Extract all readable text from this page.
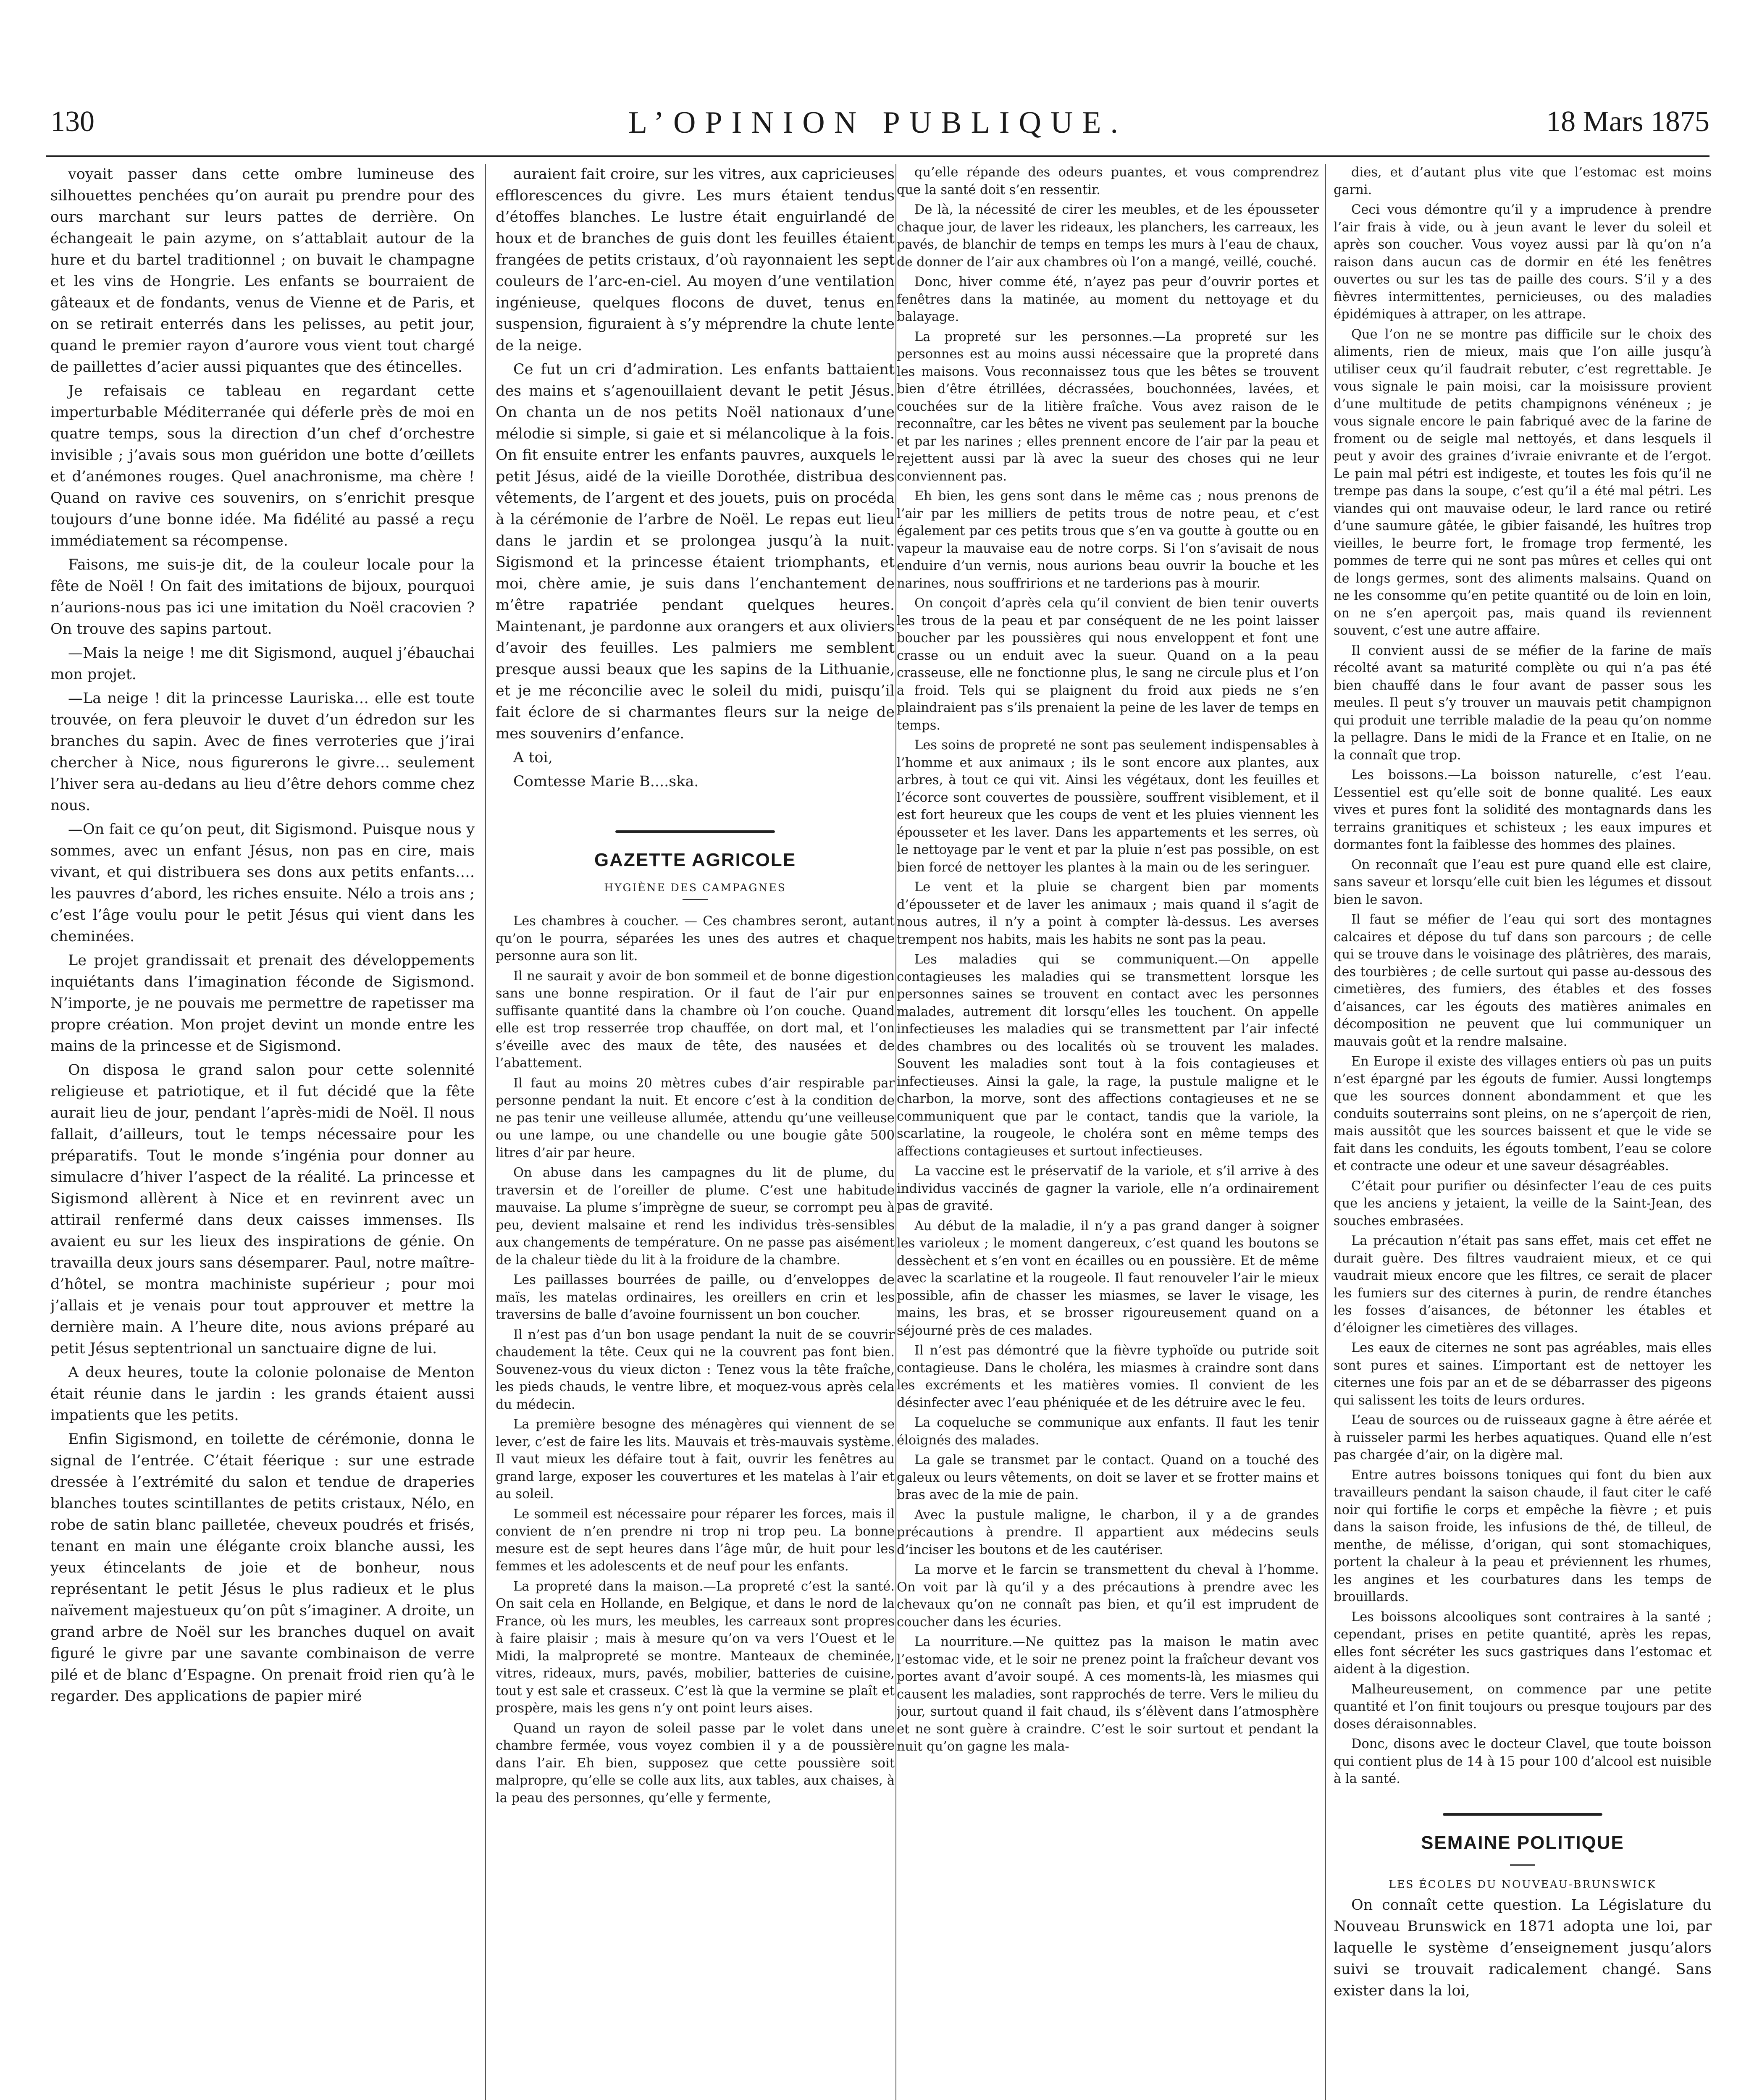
130	L’OPINION PUBLIQUE.	18 Mars 1875

voyait passer dans cette ombre lumineuse des silhouettes penchées qu’on aurait pu prendre pour des ours marchant sur leurs pattes de derrière. On échangeait le pain azyme, on s’attablait autour de la hure et du bartel traditionnel ; on buvait le champagne et les vins de Hongrie. Les enfants se bourraient de gâteaux et de fondants, venus de Vienne et de Paris, et on se retirait enterrés dans les pelisses, au petit jour, quand le premier rayon d’aurore vous vient tout chargé de paillettes d’acier aussi piquantes que des étincelles.

Je refaisais ce tableau en regardant cette imperturbable Méditerranée qui déferle près de moi en quatre temps, sous la direction d’un chef d’orchestre invisible ; j’avais sous mon guéridon une botte d’œillets et d’anémones rouges. Quel anachronisme, ma chère ! Quand on ravive ces souvenirs, on s’enrichit presque toujours d’une bonne idée. Ma fidélité au passé a reçu immédiatement sa récompense.

Faisons, me suis-je dit, de la couleur locale pour la fête de Noël ! On fait des imitations de bijoux, pourquoi n’aurions-nous pas ici une imitation du Noël cracovien ? On trouve des sapins partout.

—Mais la neige ! me dit Sigismond, auquel j’ébauchai mon projet.

—La neige ! dit la princesse Lauriska… elle est toute trouvée, on fera pleuvoir le duvet d’un édredon sur les branches du sapin. Avec de fines verroteries que j’irai chercher à Nice, nous figurerons le givre… seulement l’hiver sera au-dedans au lieu d’être dehors comme chez nous.

—On fait ce qu’on peut, dit Sigismond. Puisque nous y sommes, avec un enfant Jésus, non pas en cire, mais vivant, et qui distribuera ses dons aux petits enfants…. les pauvres d’abord, les riches ensuite. Nélo a trois ans ; c’est l’âge voulu pour le petit Jésus qui vient dans les cheminées.

Le projet grandissait et prenait des développements inquiétants dans l’imagination féconde de Sigismond. N’importe, je ne pouvais me permettre de rapetisser ma propre création. Mon projet devint un monde entre les mains de la princesse et de Sigismond.

On disposa le grand salon pour cette solennité religieuse et patriotique, et il fut décidé que la fête aurait lieu de jour, pendant l’après-midi de Noël. Il nous fallait, d’ailleurs, tout le temps nécessaire pour les préparatifs. Tout le monde s’ingénia pour donner au simulacre d’hiver l’aspect de la réalité. La princesse et Sigismond allèrent à Nice et en revinrent avec un attirail renfermé dans deux caisses immenses. Ils avaient eu sur les lieux des inspirations de génie. On travailla deux jours sans désemparer. Paul, notre maître-d’hôtel, se montra machiniste supérieur ; pour moi j’allais et je venais pour tout approuver et mettre la dernière main. A l’heure dite, nous avions préparé au petit Jésus septentrional un sanctuaire digne de lui.

A deux heures, toute la colonie polonaise de Menton était réunie dans le jardin : les grands étaient aussi impatients que les petits.

Enfin Sigismond, en toilette de cérémonie, donna le signal de l’entrée. C’était féerique : sur une estrade dressée à l’extrémité du salon et tendue de draperies blanches toutes scintillantes de petits cristaux, Nélo, en robe de satin blanc pailletée, cheveux poudrés et frisés, tenant en main une élégante croix blanche aussi, les yeux étincelants de joie et de bonheur, nous représentant le petit Jésus le plus radieux et le plus naïvement majestueux qu’on pût s’imaginer. A droite, un grand arbre de Noël sur les branches duquel on avait figuré le givre par une savante combinaison de verre pilé et de blanc d’Espagne. On prenait froid rien qu’à le regarder. Des applications de papier miré

auraient fait croire, sur les vitres, aux capricieuses efflorescences du givre. Les murs étaient tendus d’étoffes blanches. Le lustre était enguirlandé de houx et de branches de guis dont les feuilles étaient frangées de petits cristaux, d’où rayonnaient les sept couleurs de l’arc-en-ciel. Au moyen d’une ventilation ingénieuse, quelques flocons de duvet, tenus en suspension, figuraient à s’y méprendre la chute lente de la neige.

Ce fut un cri d’admiration. Les enfants battaient des mains et s’agenouillaient devant le petit Jésus. On chanta un de nos petits Noël nationaux d’une mélodie si simple, si gaie et si mélancolique à la fois. On fit ensuite entrer les enfants pauvres, auxquels le petit Jésus, aidé de la vieille Dorothée, distribua des vêtements, de l’argent et des jouets, puis on procéda à la cérémonie de l’arbre de Noël. Le repas eut lieu dans le jardin et se prolongea jusqu’à la nuit. Sigismond et la princesse étaient triomphants, et moi, chère amie, je suis dans l’enchantement de m’être rapatriée pendant quelques heures. Maintenant, je pardonne aux orangers et aux oliviers d’avoir des feuilles. Les palmiers me semblent presque aussi beaux que les sapins de la Lithuanie, et je me réconcilie avec le soleil du midi, puisqu’il fait éclore de si charmantes fleurs sur la neige de mes souvenirs d’enfance.

A toi,

Comtesse Marie B....ska.

GAZETTE AGRICOLE
HYGIÈNE DES CAMPAGNES

Les chambres à coucher. — Ces chambres seront, autant qu’on le pourra, séparées les unes des autres et chaque personne aura son lit.

Il ne saurait y avoir de bon sommeil et de bonne digestion sans une bonne respiration. Or il faut de l’air pur en suffisante quantité dans la chambre où l’on couche. Quand elle est trop resserrée trop chauffée, on dort mal, et l’on s’éveille avec des maux de tête, des nausées et de l’abattement.

Il faut au moins 20 mètres cubes d’air respirable par personne pendant la nuit. Et encore c’est à la condition de ne pas tenir une veilleuse allumée, attendu qu’une veilleuse ou une lampe, ou une chandelle ou une bougie gâte 500 litres d’air par heure.

On abuse dans les campagnes du lit de plume, du traversin et de l’oreiller de plume. C’est une habitude mauvaise. La plume s’imprègne de sueur, se corrompt peu à peu, devient malsaine et rend les individus très-sensibles aux changements de température. On ne passe pas aisément de la chaleur tiède du lit à la froidure de la chambre.

Les paillasses bourrées de paille, ou d’enveloppes de maïs, les matelas ordinaires, les oreillers en crin et les traversins de balle d’avoine fournissent un bon coucher.

Il n’est pas d’un bon usage pendant la nuit de se couvrir chaudement la tête. Ceux qui ne la couvrent pas font bien. Souvenez-vous du vieux dicton : Tenez vous la tête fraîche, les pieds chauds, le ventre libre, et moquez-vous après cela du médecin.

La première besogne des ménagères qui viennent de se lever, c’est de faire les lits. Mauvais et très-mauvais système. Il vaut mieux les défaire tout à fait, ouvrir les fenêtres au grand large, exposer les couvertures et les matelas à l’air et au soleil.

Le sommeil est nécessaire pour réparer les forces, mais il convient de n’en prendre ni trop ni trop peu. La bonne mesure est de sept heures dans l’âge mûr, de huit pour les femmes et les adolescents et de neuf pour les enfants.

La propreté dans la maison.—La propreté c’est la santé. On sait cela en Hollande, en Belgique, et dans le nord de la France, où les murs, les meubles, les carreaux sont propres à faire plaisir ; mais à mesure qu’on va vers l’Ouest et le Midi, la malpropreté se montre. Manteaux de cheminée, vitres, rideaux, murs, pavés, mobilier, batteries de cuisine, tout y est sale et crasseux. C’est là que la vermine se plaît et prospère, mais les gens n’y ont point leurs aises.

Quand un rayon de soleil passe par le volet dans une chambre fermée, vous voyez combien il y a de poussière dans l’air. Eh bien, supposez que cette poussière soit malpropre, qu’elle se colle aux lits, aux tables, aux chaises, à la peau des personnes, qu’elle y fermente,

qu’elle répande des odeurs puantes, et vous comprendrez que la santé doit s’en ressentir.

De là, la nécessité de cirer les meubles, et de les épousseter chaque jour, de laver les rideaux, les planchers, les carreaux, les pavés, de blanchir de temps en temps les murs à l’eau de chaux, de donner de l’air aux chambres où l’on a mangé, veillé, couché.

Donc, hiver comme été, n’ayez pas peur d’ouvrir portes et fenêtres dans la matinée, au moment du nettoyage et du balayage.

La propreté sur les personnes.—La propreté sur les personnes est au moins aussi nécessaire que la propreté dans les maisons. Vous reconnaissez tous que les bêtes se trouvent bien d’être étrillées, décrassées, bouchonnées, lavées, et couchées sur de la litière fraîche. Vous avez raison de le reconnaître, car les bêtes ne vivent pas seulement par la bouche et par les narines ; elles prennent encore de l’air par la peau et rejettent aussi par là avec la sueur des choses qui ne leur conviennent pas.

Eh bien, les gens sont dans le même cas ; nous prenons de l’air par les milliers de petits trous de notre peau, et c’est également par ces petits trous que s’en va goutte à goutte ou en vapeur la mauvaise eau de notre corps. Si l’on s’avisait de nous enduire d’un vernis, nous aurions beau ouvrir la bouche et les narines, nous souffririons et ne tarderions pas à mourir.

On conçoit d’après cela qu’il convient de bien tenir ouverts les trous de la peau et par conséquent de ne les point laisser boucher par les poussières qui nous enveloppent et font une crasse ou un enduit avec la sueur. Quand on a la peau crasseuse, elle ne fonctionne plus, le sang ne circule plus et l’on a froid. Tels qui se plaignent du froid aux pieds ne s’en plaindraient pas s’ils prenaient la peine de les laver de temps en temps.

Les soins de propreté ne sont pas seulement indispensables à l’homme et aux animaux ; ils le sont encore aux plantes, aux arbres, à tout ce qui vit. Ainsi les végétaux, dont les feuilles et l’écorce sont couvertes de poussière, souffrent visiblement, et il est fort heureux que les coups de vent et les pluies viennent les épousseter et les laver. Dans les appartements et les serres, où le nettoyage par le vent et par la pluie n’est pas possible, on est bien forcé de nettoyer les plantes à la main ou de les seringuer.

Le vent et la pluie se chargent bien par moments d’épousseter et de laver les animaux ; mais quand il s’agit de nous autres, il n’y a point à compter là-dessus. Les averses trempent nos habits, mais les habits ne sont pas la peau.

Les maladies qui se communiquent.—On appelle contagieuses les maladies qui se transmettent lorsque les personnes saines se trouvent en contact avec les personnes malades, autrement dit lorsqu’elles les touchent. On appelle infectieuses les maladies qui se transmettent par l’air infecté des chambres ou des localités où se trouvent les malades. Souvent les maladies sont tout à la fois contagieuses et infectieuses. Ainsi la gale, la rage, la pustule maligne et le charbon, la morve, sont des affections contagieuses et ne se communiquent que par le contact, tandis que la variole, la scarlatine, la rougeole, le choléra sont en même temps des affections contagieuses et surtout infectieuses.

La vaccine est le préservatif de la variole, et s’il arrive à des individus vaccinés de gagner la variole, elle n’a ordinairement pas de gravité.

Au début de la maladie, il n’y a pas grand danger à soigner les varioleux ; le moment dangereux, c’est quand les boutons se dessèchent et s’en vont en écailles ou en poussière. Et de même avec la scarlatine et la rougeole. Il faut renouveler l’air le mieux possible, afin de chasser les miasmes, se laver le visage, les mains, les bras, et se brosser rigoureusement quand on a séjourné près de ces malades.

Il n’est pas démontré que la fièvre typhoïde ou putride soit contagieuse. Dans le choléra, les miasmes à craindre sont dans les excréments et les matières vomies. Il convient de les désinfecter avec l’eau phéniquée et de les détruire avec le feu.

La coqueluche se communique aux enfants. Il faut les tenir éloignés des malades.

La gale se transmet par le contact. Quand on a touché des galeux ou leurs vêtements, on doit se laver et se frotter mains et bras avec de la mie de pain.

Avec la pustule maligne, le charbon, il y a de grandes précautions à prendre. Il appartient aux médecins seuls d’inciser les boutons et de les cautériser.

La morve et le farcin se transmettent du cheval à l’homme. On voit par là qu’il y a des précautions à prendre avec les chevaux qu’on ne connaît pas bien, et qu’il est imprudent de coucher dans les écuries.

La nourriture.—Ne quittez pas la maison le matin avec l’estomac vide, et le soir ne prenez point la fraîcheur devant vos portes avant d’avoir soupé. A ces moments-là, les miasmes qui causent les maladies, sont rapprochés de terre. Vers le milieu du jour, surtout quand il fait chaud, ils s’élèvent dans l’atmosphère et ne sont guère à craindre. C’est le soir surtout et pendant la nuit qu’on gagne les mala-

dies, et d’autant plus vite que l’estomac est moins garni.

Ceci vous démontre qu’il y a imprudence à prendre l’air frais à vide, ou à jeun avant le lever du soleil et après son coucher. Vous voyez aussi par là qu’on n’a raison dans aucun cas de dormir en été les fenêtres ouvertes ou sur les tas de paille des cours. S’il y a des fièvres intermittentes, pernicieuses, ou des maladies épidémiques à attraper, on les attrape.

Que l’on ne se montre pas difficile sur le choix des aliments, rien de mieux, mais que l’on aille jusqu’à utiliser ceux qu’il faudrait rebuter, c’est regrettable. Je vous signale le pain moisi, car la moisissure provient d’une multitude de petits champignons vénéneux ; je vous signale encore le pain fabriqué avec de la farine de froment ou de seigle mal nettoyés, et dans lesquels il peut y avoir des graines d’ivraie enivrante et de l’ergot. Le pain mal pétri est indigeste, et toutes les fois qu’il ne trempe pas dans la soupe, c’est qu’il a été mal pétri. Les viandes qui ont mauvaise odeur, le lard rance ou retiré d’une saumure gâtée, le gibier faisandé, les huîtres trop vieilles, le beurre fort, le fromage trop fermenté, les pommes de terre qui ne sont pas mûres et celles qui ont de longs germes, sont des aliments malsains. Quand on ne les consomme qu’en petite quantité ou de loin en loin, on ne s’en aperçoit pas, mais quand ils reviennent souvent, c’est une autre affaire.

Il convient aussi de se méfier de la farine de maïs récolté avant sa maturité complète ou qui n’a pas été bien chauffé dans le four avant de passer sous les meules. Il peut s’y trouver un mauvais petit champignon qui produit une terrible maladie de la peau qu’on nomme la pellagre. Dans le midi de la France et en Italie, on ne la connaît que trop.

Les boissons.—La boisson naturelle, c’est l’eau. L’essentiel est qu’elle soit de bonne qualité. Les eaux vives et pures font la solidité des montagnards dans les terrains granitiques et schisteux ; les eaux impures et dormantes font la faiblesse des hommes des plaines.

On reconnaît que l’eau est pure quand elle est claire, sans saveur et lorsqu’elle cuit bien les légumes et dissout bien le savon.

Il faut se méfier de l’eau qui sort des montagnes calcaires et dépose du tuf dans son parcours ; de celle qui se trouve dans le voisinage des plâtrières, des marais, des tourbières ; de celle surtout qui passe au-dessous des cimetières, des fumiers, des étables et des fosses d’aisances, car les égouts des matières animales en décomposition ne peuvent que lui communiquer un mauvais goût et la rendre malsaine.

En Europe il existe des villages entiers où pas un puits n’est épargné par les égouts de fumier. Aussi longtemps que les sources donnent abondamment et que les conduits souterrains sont pleins, on ne s’aperçoit de rien, mais aussitôt que les sources baissent et que le vide se fait dans les conduits, les égouts tombent, l’eau se colore et contracte une odeur et une saveur désagréables.

C’était pour purifier ou désinfecter l’eau de ces puits que les anciens y jetaient, la veille de la Saint-Jean, des souches embrasées.

La précaution n’était pas sans effet, mais cet effet ne durait guère. Des filtres vaudraient mieux, et ce qui vaudrait mieux encore que les filtres, ce serait de placer les fumiers sur des citernes à purin, de rendre étanches les fosses d’aisances, de bétonner les étables et d’éloigner les cimetières des villages.

Les eaux de citernes ne sont pas agréables, mais elles sont pures et saines. L’important est de nettoyer les citernes une fois par an et de se débarrasser des pigeons qui salissent les toits de leurs ordures.

L’eau de sources ou de ruisseaux gagne à être aérée et à ruisseler parmi les herbes aquatiques. Quand elle n’est pas chargée d’air, on la digère mal.

Entre autres boissons toniques qui font du bien aux travailleurs pendant la saison chaude, il faut citer le café noir qui fortifie le corps et empêche la fièvre ; et puis dans la saison froide, les infusions de thé, de tilleul, de menthe, de mélisse, d’origan, qui sont stomachiques, portent la chaleur à la peau et préviennent les rhumes, les angines et les courbatures dans les temps de brouillards.

Les boissons alcooliques sont contraires à la santé ; cependant, prises en petite quantité, après les repas, elles font sécréter les sucs gastriques dans l’estomac et aident à la digestion.

Malheureusement, on commence par une petite quantité et l’on finit toujours ou presque toujours par des doses déraisonnables.

Donc, disons avec le docteur Clavel, que toute boisson qui contient plus de 14 à 15 pour 100 d’alcool est nuisible à la santé.

SEMAINE POLITIQUE
LES ÉCOLES DU NOUVEAU-BRUNSWICK

On connaît cette question. La Législature du Nouveau Brunswick en 1871 adopta une loi, par laquelle le système d’enseignement jusqu’alors suivi se trouvait radicalement changé. Sans exister dans la loi,
